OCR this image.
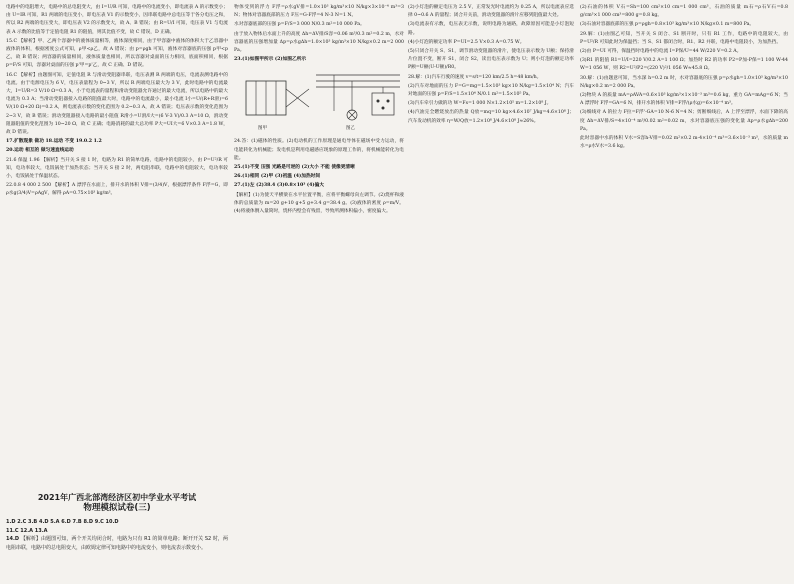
电路中的电阻增大，电路中的总电阻变大，由 I=U/R 可知，电路中的电流变小，即电流表 A 的示数变小；由 U=IR 可知，R1 两端的电压变小，即电压表 V1 的示数变小，因串联电路中总电压等于各分电压之和，所以 R2 两端的电压变大，即电压表 V2 的示数变大，故 A、B 错误；由 R=U/I 可知，电压表 V1 与电流表 A 示数的比值等于定值电阻 R1 的阻值，则其比值不变，故 C 错误，D 正确。

15.C 【解析】甲、乙两个容器中的液体质量相等，液体深度相同，由于甲容器中液体的体积大于乙容器中液体的体积，根据密度公式可知，ρ甲<ρ乙，故 A 错误；由 p=ρgh 可知，液体对容器底的压强 p甲<p乙，故 B 错误；两容器的质量相同，液体质量也相同，所以容器对桌面的压力相同，底面积相同，根据 p=F/S 可知，容器对桌面的压强 p'甲=p'乙，故 C 正确、D 错误。

16.C 【解析】由题图可知，定值电阻 R 与滑动变阻器串联，电压表测 R 两端的电压，电流表测电路中的电流。由于电源电压为 6 V，电压表量程为 0~3 V，所以 R 两端电压最大为 3 V，此时电路中的电流最大，I=U/R=3 V/10 Ω=0.3 A，小于电流表的量程和滑动变阻器允许通过的最大电流，所以电路中的最大电流为 0.3 A；当滑动变阻器接入电路的阻值最大时，电路中的电流最小，最小电流 I小=U/(R+R滑)=6 V/(10 Ω+20 Ω)=0.2 A，则电流表示数的变化范围为 0.2~0.3 A，故 A 错误；电压表示数的变化范围为 2~3 V，故 B 错误；滑动变阻器接入电路的最小阻值 R滑小=U滑/I大=(6 V-3 V)/0.3 A=10 Ω，滑动变阻器阻值的变化范围为 10~20 Ω，故 C 正确；电路消耗的最大总功率 P大=UI大=6 V×0.3 A=1.8 W，故 D 错误。

17.扩散现象 做功 18.运动 不变 19.0.2 1.2

20.运动 相互的 做匀速直线运动

21.6 保温 1.96 【解析】当开关 S 接 1 时，电路为 R1 的简单电路，电路中的电阻较小，由 P=U²/R 可知，电功率较大，电饭锅处于加热状态；当开关 S 接 2 时，两电阻串联，电路中的电阻较大，电功率较小，电饭锅处于保温状态。

22.0.8 4 000 2 500 【解析】A 漂浮在水面上，排开水的体积 V排=(3/4)V，根据漂浮条件 F浮=G，即 ρ水g(3/4)V=ρAgV，解得 ρA=0.75×10³ kg/m³。

2021年广西北部湾经济区初中学业水平考试
物理模拟试卷(三)
1.D 2.C 3.B 4.D 5.A 6.D 7.B 8.D 9.C 10.D
11.C 12.A 13.A
14.D 【解析】由题图可知，两个开关均闭合时，电路为只有 R1 的简单电路；断开开关 S2 时，两电阻串联，电路中的总电阻变大，由欧姆定律可知电路中的电流变小，则电流表示数变小。

物体受到的浮力 F浮=ρ水gV排=1.0×10³ kg/m³×10 N/kg×3×10⁻⁴ m³=3 N；物体对容器底部的压力 F压=G-F浮=4 N-3 N=1 N。

水对容器底部的压强 p=F/S=3 000 N/0.3 m²=10 000 Pa。

由于放入物体后水面上升的高度 Δh=ΔV排/S容=0.06 m³/0.3 m²=0.2 m，水对容器底的压强增加量 Δp=ρ水gΔh=1.0×10³ kg/m³×10 N/kg×0.2 m=2 000 Pa。

23.(1)如图甲所示 (2)如图乙所示

图甲	图乙

24.答：(1)磁体的性质。(2)电动机的工作原理是通电导体在磁场中受力运动，将电能转化为机械能；发电机是利用电磁感应现象的原理工作的，将机械能转化为电能。

25.(1)不变 压强 光路是可逆的 (2)大小 不能 使像更清晰

26.(1)相同 (2)甲 (3)初温 (4)加热时间

27.(1)左 (2)38.4 (3)0.8×10³ (4)偏大

【解析】(1)为使天平横梁在水平位置平衡，应将平衡螺母向左调节。(2)烧杯和液体的总质量为 m=20 g+10 g+5 g+3.4 g=38.4 g。(3)液体的密度 ρ=m/V。(4)将液体倒入量筒时，烧杯内壁会有残留，导致所测体积偏小，密度偏大。

(2)小灯泡的额定电压为 2.5 V，正常发光时电流约为 0.25 A，所以电流表应选择 0~0.6 A 的量程；闭合开关前，滑动变阻器的滑片应移到阻值最大处。

(3)电流表有示数，电压表无示数，说明电路为通路，故障原因可能是小灯泡短路。

(4)小灯泡的额定功率 P=UI=2.5 V×0.3 A=0.75 W。

(5)只闭合开关 S、S1，调节滑动变阻器的滑片，使电压表示数为 U额；保持滑片位置不变，断开 S1，闭合 S2，读出电压表示数为 U；则小灯泡的额定功率 P额=U额(U-U额)/R0。

28.解：(1)汽车行驶的速度 v=s/t=120 km/2.5 h=48 km/h。

(2)汽车对地面的压力 F=G=mg=1.5×10³ kg×10 N/kg=1.5×10⁴ N；汽车对地面的压强 p=F/S=1.5×10⁴ N/0.1 m²=1.5×10⁵ Pa。

(3)汽车牵引力做的功 W=Fs=1 000 N×1.2×10⁵ m=1.2×10⁸ J。

(4)汽油完全燃烧放出的热量 Q放=mq=10 kg×4.6×10⁷ J/kg=4.6×10⁸ J；汽车发动机的效率 η=W/Q放=1.2×10⁸ J/4.6×10⁸ J≈26%。

(2)石油的体积 V石=Sh=100 cm²×10 cm=1 000 cm³，石油的质量 m石=ρ石V石=0.8 g/cm³×1 000 cm³=800 g=0.8 kg。

(3)石油对容器底部的压强 p=ρgh=0.8×10³ kg/m³×10 N/kg×0.1 m=800 Pa。

29.解：(1)由图乙可知，当开关 S 闭合、S1 断开时，只有 R1 工作，电路中的电阻较大，由 P=U²/R 可知此时为保温挡；当 S、S1 都闭合时，R1、R2 并联，电路中电阻较小，为加热挡。

(2)由 P=UI 可得，保温挡时电路中的电流 I=P保/U=44 W/220 V=0.2 A。

(3)R1 的阻值 R1=U/I=220 V/0.2 A=1 100 Ω；加热时 R2 的功率 P2=P加-P保=1 100 W-44 W=1 056 W，则 R2=U²/P2=(220 V)²/1 056 W≈45.8 Ω。

30.解：(1)由题意可知，当水深 h=0.2 m 时，水对容器底的压强 p=ρ水gh=1.0×10³ kg/m³×10 N/kg×0.2 m=2 000 Pa。

(2)物块 A 的质量 mA=ρAVA=0.6×10³ kg/m³×1×10⁻³ m³=0.6 kg，重力 GA=mAg=6 N；当 A 漂浮时 F浮=GA=6 N，排开水的体积 V排=F浮/(ρ水g)=6×10⁻⁴ m³。

(3)细线对 A 的拉力 F拉=F浮'-GA=10 N-6 N=4 N；剪断细线后，A 上浮至漂浮，水面下降的高度 Δh=ΔV排/S=4×10⁻⁴ m³/0.02 m²=0.02 m，水对容器底压强的变化量 Δp=ρ水gΔh=200 Pa。

此时容器中水的体积 V水=S容h-V排=0.02 m²×0.2 m-4×10⁻⁴ m³=3.6×10⁻³ m³，水的质量 m水=ρ水V水=3.6 kg。
